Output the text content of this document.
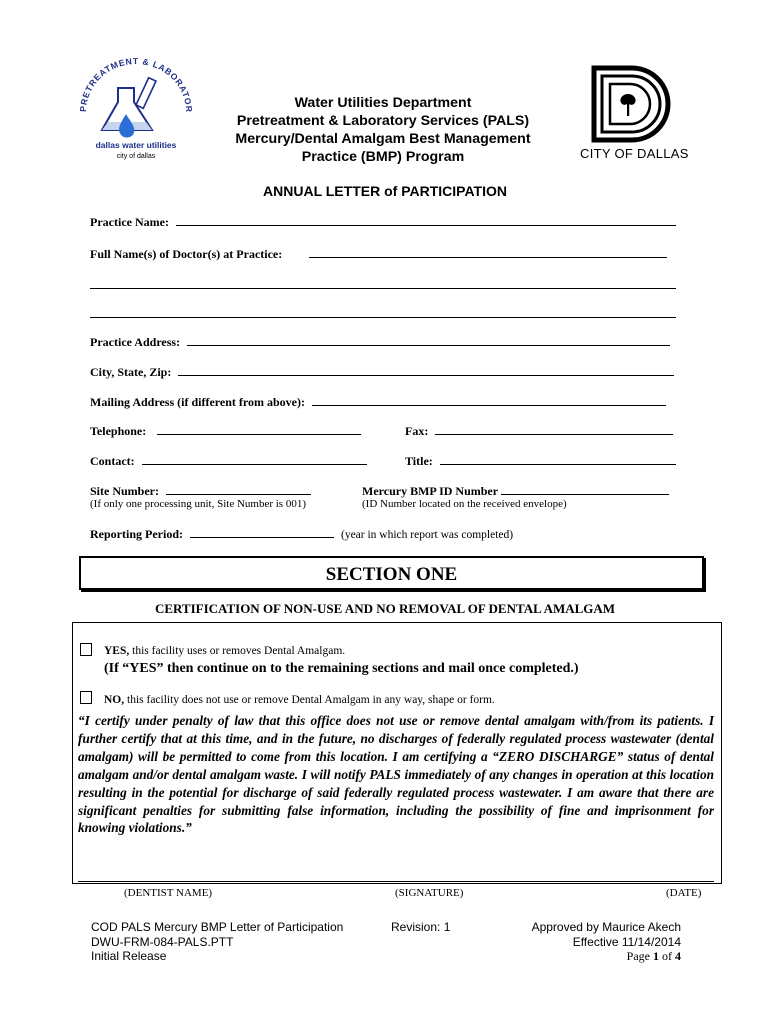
PRETREATMENT & LABORATOR
dallas water utilities
city of dallas
Water Utilities Department
Pretreatment & Laboratory Services (PALS)
Mercury/Dental Amalgam Best Management
Practice (BMP) Program	CITY OF DALLAS
ANNUAL LETTER of PARTICIPATION
Practice Name:
Full Name(s) of Doctor(s) at Practice:
Practice Address:
City, State, Zip:
Mailing Address (if different from above):
Telephone:	Fax:
Contact:	Title:
Site Number:
(If only one processing unit, Site Number is 001)
Mercury BMP ID Number
(ID Number located on the received envelope)
Reporting Period:	(year in which report was completed)
SECTION ONE
CERTIFICATION OF NON-USE AND NO REMOVAL OF DENTAL AMALGAM
YES, this facility uses or removes Dental Amalgam.
(If “YES” then continue on to the remaining sections and mail once completed.)
NO, this facility does not use or remove Dental Amalgam in any way, shape or form.
“I certify under penalty of law that this office does not use or remove dental amalgam with/from its patients. I further certify that at this time, and in the future, no discharges of federally regulated process wastewater (dental amalgam) will be permitted to come from this location. I am certifying a “ZERO DISCHARGE” status of dental amalgam and/or dental amalgam waste. I will notify PALS immediately of any changes in operation at this location resulting in the potential for discharge of said federally regulated process wastewater. I am aware that there are significant penalties for submitting false information, including the possibility of fine and imprisonment for knowing violations.”
(DENTIST NAME)	(SIGNATURE)	(DATE)
COD PALS Mercury BMP Letter of Participation
DWU-FRM-084-PALS.PTT
Initial Release
Revision: 1	Approved by Maurice Akech
Effective 11/14/2014
Page 1 of 4
